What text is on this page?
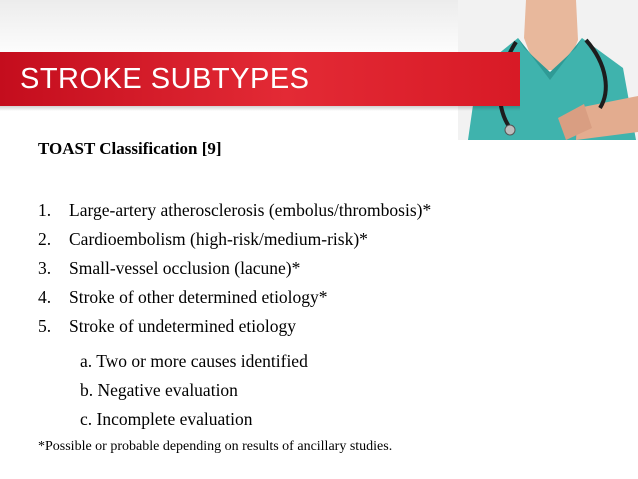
STROKE SUBTYPES
TOAST Classification [9]
1. Large-artery atherosclerosis (embolus/thrombosis)*
2. Cardioembolism (high-risk/medium-risk)*
3. Small-vessel occlusion (lacune)*
4. Stroke of other determined etiology*
5. Stroke of undetermined etiology
a. Two or more causes identified
b. Negative evaluation
c. Incomplete evaluation
*Possible or probable depending on results of ancillary studies.
